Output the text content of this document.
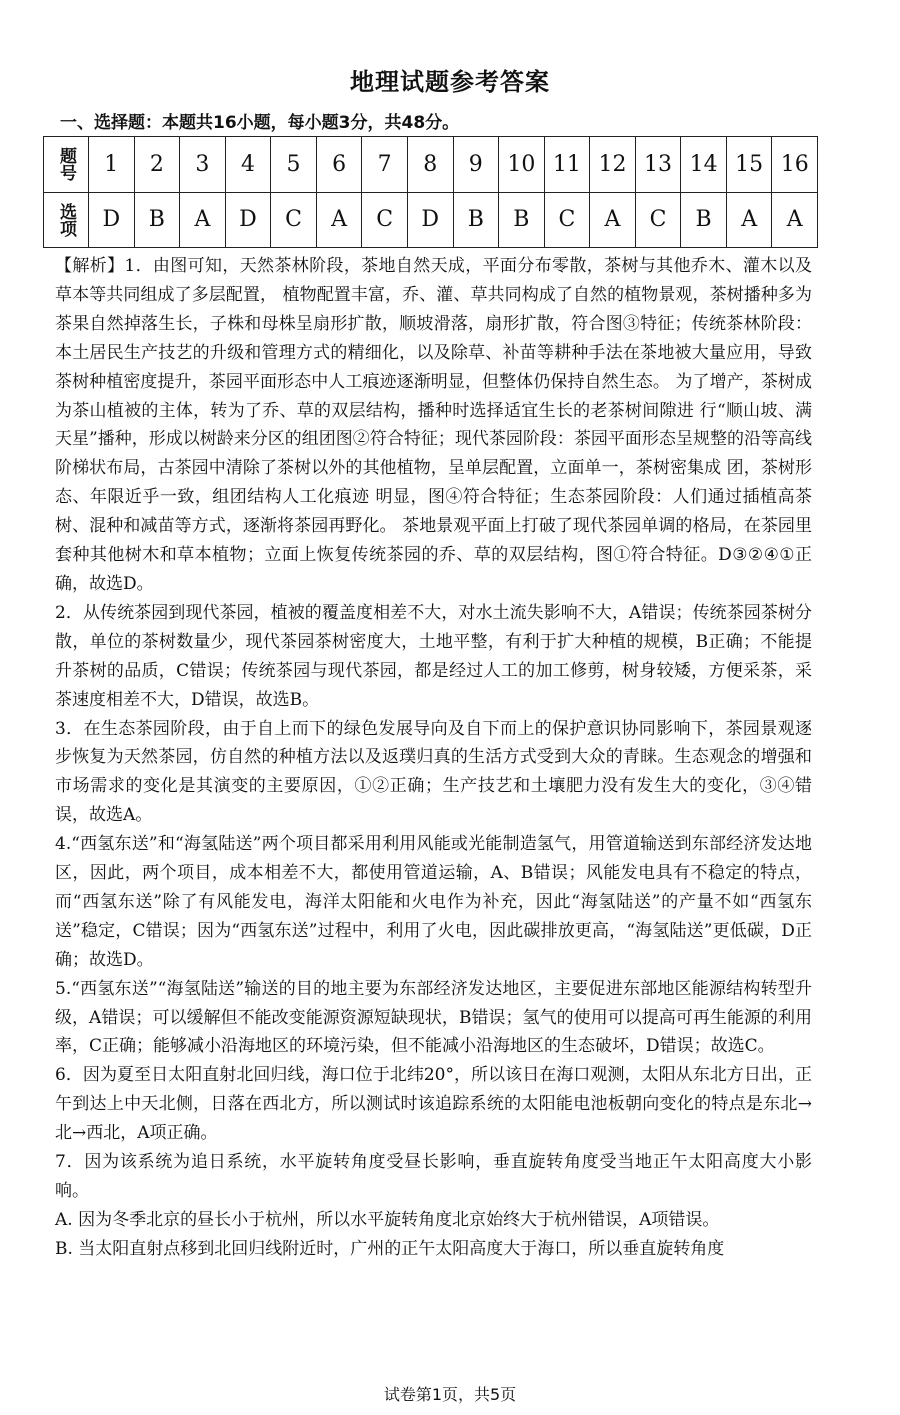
地理试题参考答案
一、选择题：本题共16小题，每小题3分，共48分。
题号	1	2	3	4	5	6	7	8	9	10	11	12	13	14	15	16
选项	D	B	A	D	C	A	C	D	B	B	C	A	C	B	A	A

【解析】1．由图可知，天然茶林阶段，茶地自然天成，平面分布零散，茶树与其他乔木、灌木以及草本等共同组成了多层配置， 植物配置丰富，乔、灌、草共同构成了自然的植物景观，茶树播种多为茶果自然掉落生长，子株和母株呈扇形扩散，顺坡滑落，扇形扩散，符合图③特征；传统茶林阶段：本土居民生产技艺的升级和管理方式的精细化，以及除草、补苗等耕种手法在茶地被大量应用，导致茶树种植密度提升，茶园平面形态中人工痕迹逐渐明显，但整体仍保持自然生态。 为了增产，茶树成为茶山植被的主体，转为了乔、草的双层结构，播种时选择适宜生长的老茶树间隙进 行“顺山坡、满天星”播种，形成以树龄来分区的组团图②符合特征；现代茶园阶段：茶园平面形态呈规整的沿等高线阶梯状布局，古茶园中清除了茶树以外的其他植物，呈单层配置，立面单一，茶树密集成 团，茶树形态、年限近乎一致，组团结构人工化痕迹 明显，图④符合特征；生态茶园阶段：人们通过插植高茶树、混种和减苗等方式，逐渐将茶园再野化。 茶地景观平面上打破了现代茶园单调的格局，在茶园里套种其他树木和草本植物；立面上恢复传统茶园的乔、草的双层结构，图①符合特征。D③②④①正确，故选D。

2．从传统茶园到现代茶园，植被的覆盖度相差不大，对水土流失影响不大，A错误；传统茶园茶树分散，单位的茶树数量少，现代茶园茶树密度大，土地平整，有利于扩大种植的规模，B正确；不能提升茶树的品质，C错误；传统茶园与现代茶园，都是经过人工的加工修剪，树身较矮，方便采茶，采茶速度相差不大，D错误，故选B。

3．在生态茶园阶段，由于自上而下的绿色发展导向及自下而上的保护意识协同影响下，茶园景观逐步恢复为天然茶园，仿自然的种植方法以及返璞归真的生活方式受到大众的青睐。生态观念的增强和市场需求的变化是其演变的主要原因，①②正确；生产技艺和土壤肥力没有发生大的变化，③④错误，故选A。

4.“西氢东送”和“海氢陆送”两个项目都采用利用风能或光能制造氢气，用管道输送到东部经济发达地区，因此，两个项目，成本相差不大，都使用管道运输，A、B错误；风能发电具有不稳定的特点，而“西氢东送”除了有风能发电，海洋太阳能和火电作为补充，因此“海氢陆送”的产量不如“西氢东送”稳定，C错误；因为“西氢东送”过程中，利用了火电，因此碳排放更高，“海氢陆送”更低碳，D正确；故选D。

5.“西氢东送”“海氢陆送”输送的目的地主要为东部经济发达地区，主要促进东部地区能源结构转型升级，A错误；可以缓解但不能改变能源资源短缺现状，B错误；氢气的使用可以提高可再生能源的利用率，C正确；能够减小沿海地区的环境污染，但不能减小沿海地区的生态破坏，D错误；故选C。

6．因为夏至日太阳直射北回归线，海口位于北纬20°，所以该日在海口观测，太阳从东北方日出，正午到达上中天北侧，日落在西北方，所以测试时该追踪系统的太阳能电池板朝向变化的特点是东北→北→西北，A项正确。

7．因为该系统为追日系统，水平旋转角度受昼长影响，垂直旋转角度受当地正午太阳高度大小影响。

A. 因为冬季北京的昼长小于杭州，所以水平旋转角度北京始终大于杭州错误，A项错误。

B. 当太阳直射点移到北回归线附近时，广州的正午太阳高度大于海口，所以垂直旋转角度

试卷第1页，共5页
